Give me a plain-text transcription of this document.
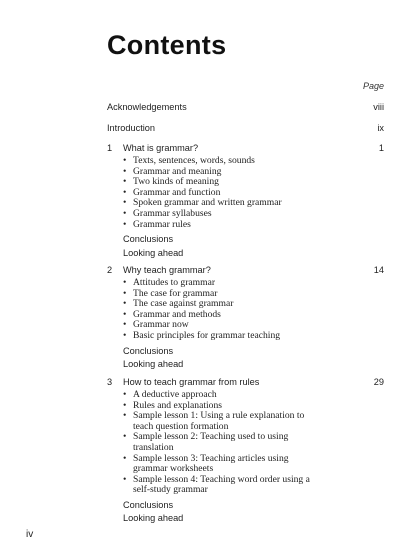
Contents
Page
Acknowledgements	viii
Introduction	ix
1 What is grammar?	1
• Texts, sentences, words, sounds
• Grammar and meaning
• Two kinds of meaning
• Grammar and function
• Spoken grammar and written grammar
• Grammar syllabuses
• Grammar rules
Conclusions
Looking ahead
2 Why teach grammar?	14
• Attitudes to grammar
• The case for grammar
• The case against grammar
• Grammar and methods
• Grammar now
• Basic principles for grammar teaching
Conclusions
Looking ahead
3 How to teach grammar from rules	29
• A deductive approach
• Rules and explanations
• Sample lesson 1: Using a rule explanation to teach question formation
• Sample lesson 2: Teaching used to using translation
• Sample lesson 3: Teaching articles using grammar worksheets
• Sample lesson 4: Teaching word order using a self-study grammar
Conclusions
Looking ahead
iv
